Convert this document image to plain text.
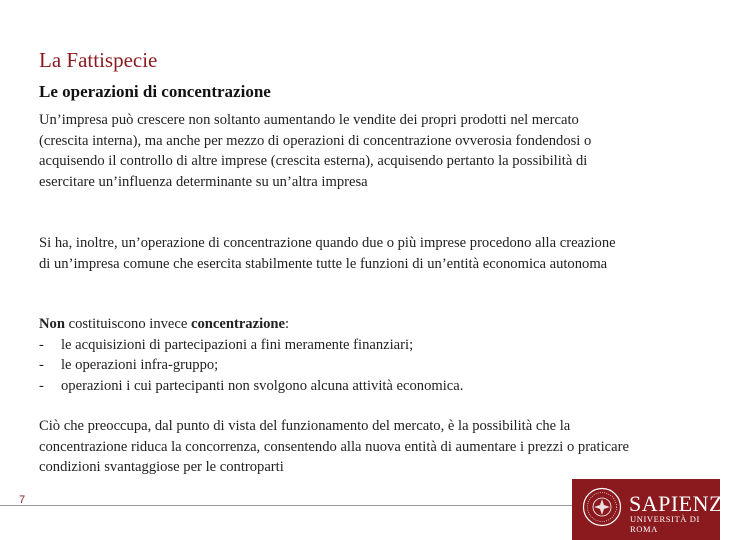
La Fattispecie
Le operazioni di concentrazione

Un’impresa può crescere non soltanto aumentando le vendite dei propri prodotti nel mercato (crescita interna), ma anche per mezzo di operazioni di concentrazione ovverosia fondendosi o acquisendo il controllo di altre imprese (crescita esterna), acquisendo pertanto la possibilità di esercitare un’influenza determinante su un’altra impresa

Si ha, inoltre, un’operazione di concentrazione quando due o più imprese procedono alla creazione di un’impresa comune che esercita stabilmente tutte le funzioni di un’entità economica autonoma

Non costituiscono invece concentrazione:
- le acquisizioni di partecipazioni a fini meramente finanziari;
- le operazioni infra-gruppo;
- operazioni i cui partecipanti non svolgono alcuna attività economica.

Ciò che preoccupa, dal punto di vista del funzionamento del mercato, è la possibilità che la concentrazione riduca la concorrenza, consentendo alla nuova entità di aumentare i prezzi o praticare condizioni svantaggiose per le controparti

7	SAPIENZA
UNIVERSITÀ DI ROMA
